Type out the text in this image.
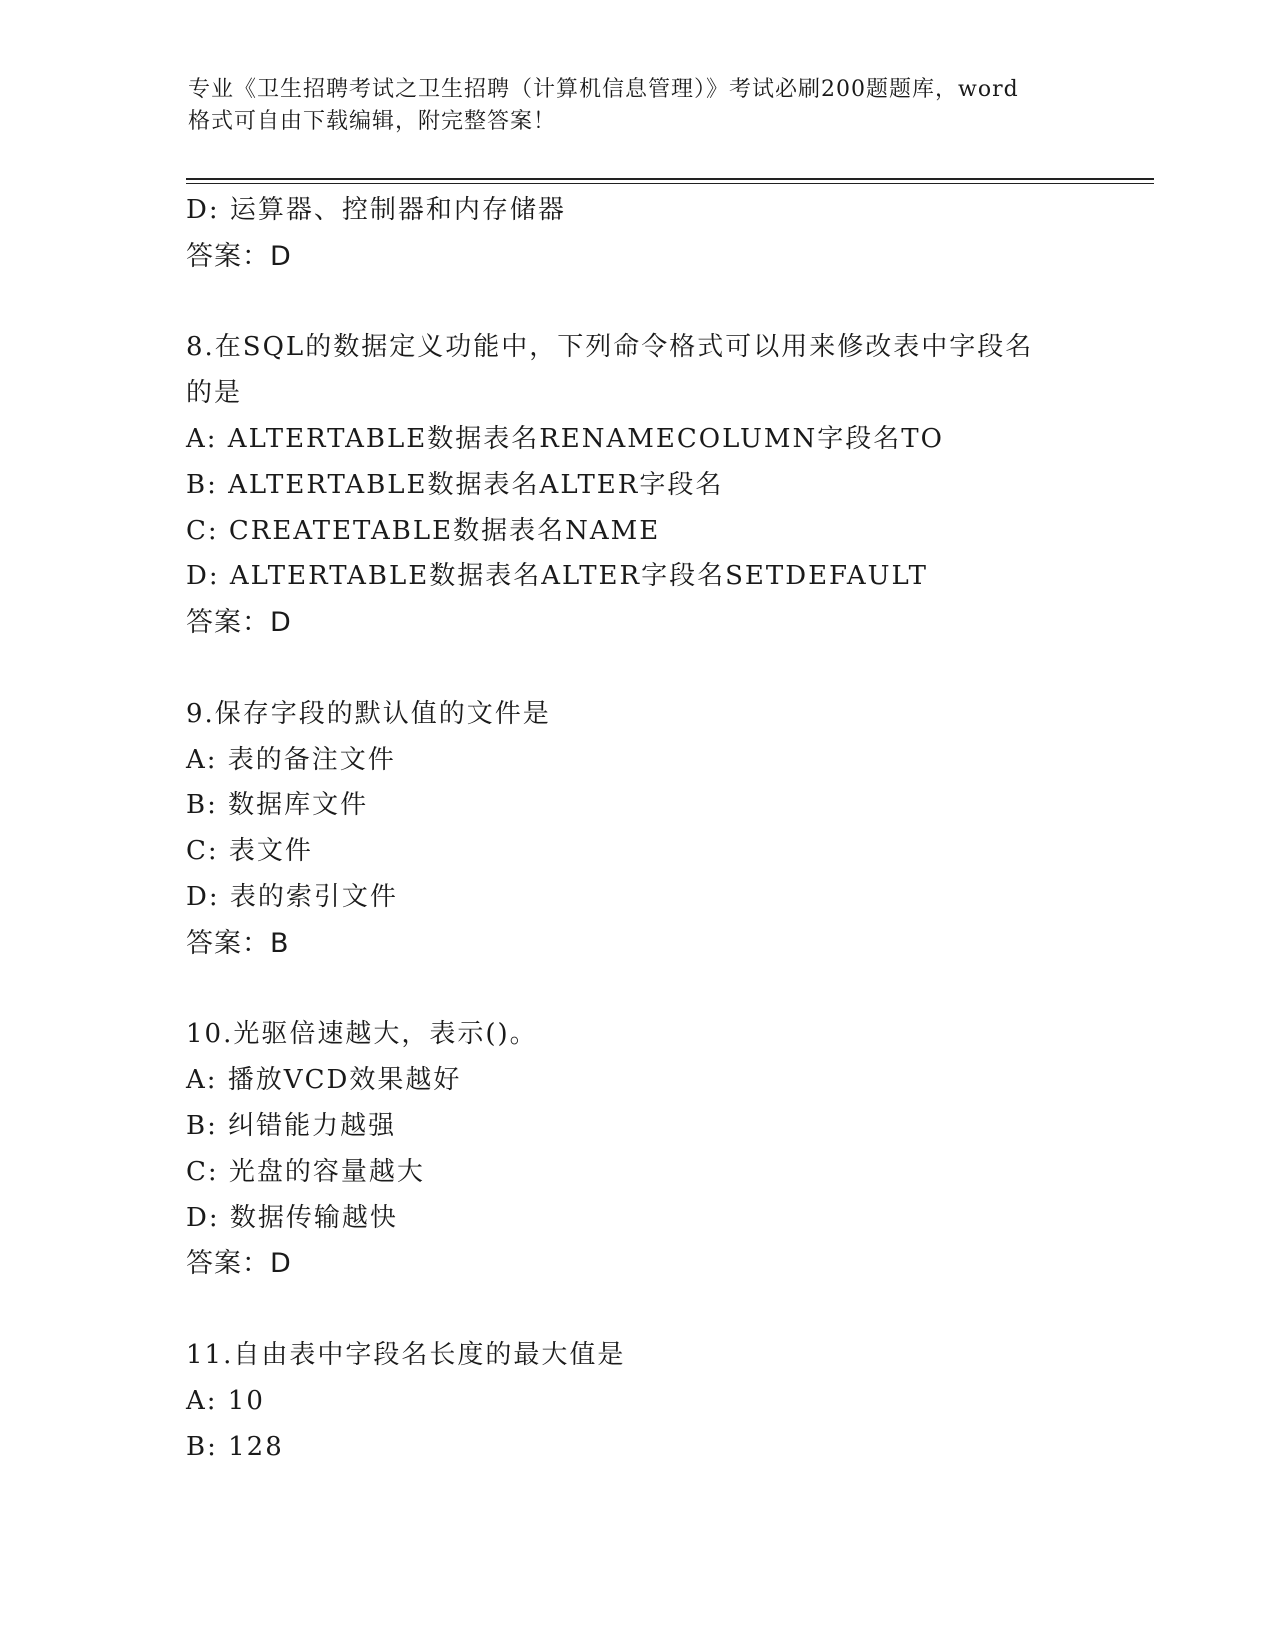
专业《卫生招聘考试之卫生招聘（计算机信息管理）》考试必刷200题题库，word
格式可自由下载编辑，附完整答案！
D: 运算器、控制器和内存储器
答案：D
8.在SQL的数据定义功能中，下列命令格式可以用来修改表中字段名
的是
A: ALTERTABLE数据表名RENAMECOLUMN字段名TO
B: ALTERTABLE数据表名ALTER字段名
C: CREATETABLE数据表名NAME
D: ALTERTABLE数据表名ALTER字段名SETDEFAULT
答案：D
9.保存字段的默认值的文件是
A: 表的备注文件
B: 数据库文件
C: 表文件
D: 表的索引文件
答案：B
10.光驱倍速越大，表示()。
A: 播放VCD效果越好
B: 纠错能力越强
C: 光盘的容量越大
D: 数据传输越快
答案：D
11.自由表中字段名长度的最大值是
A: 10
B: 128
